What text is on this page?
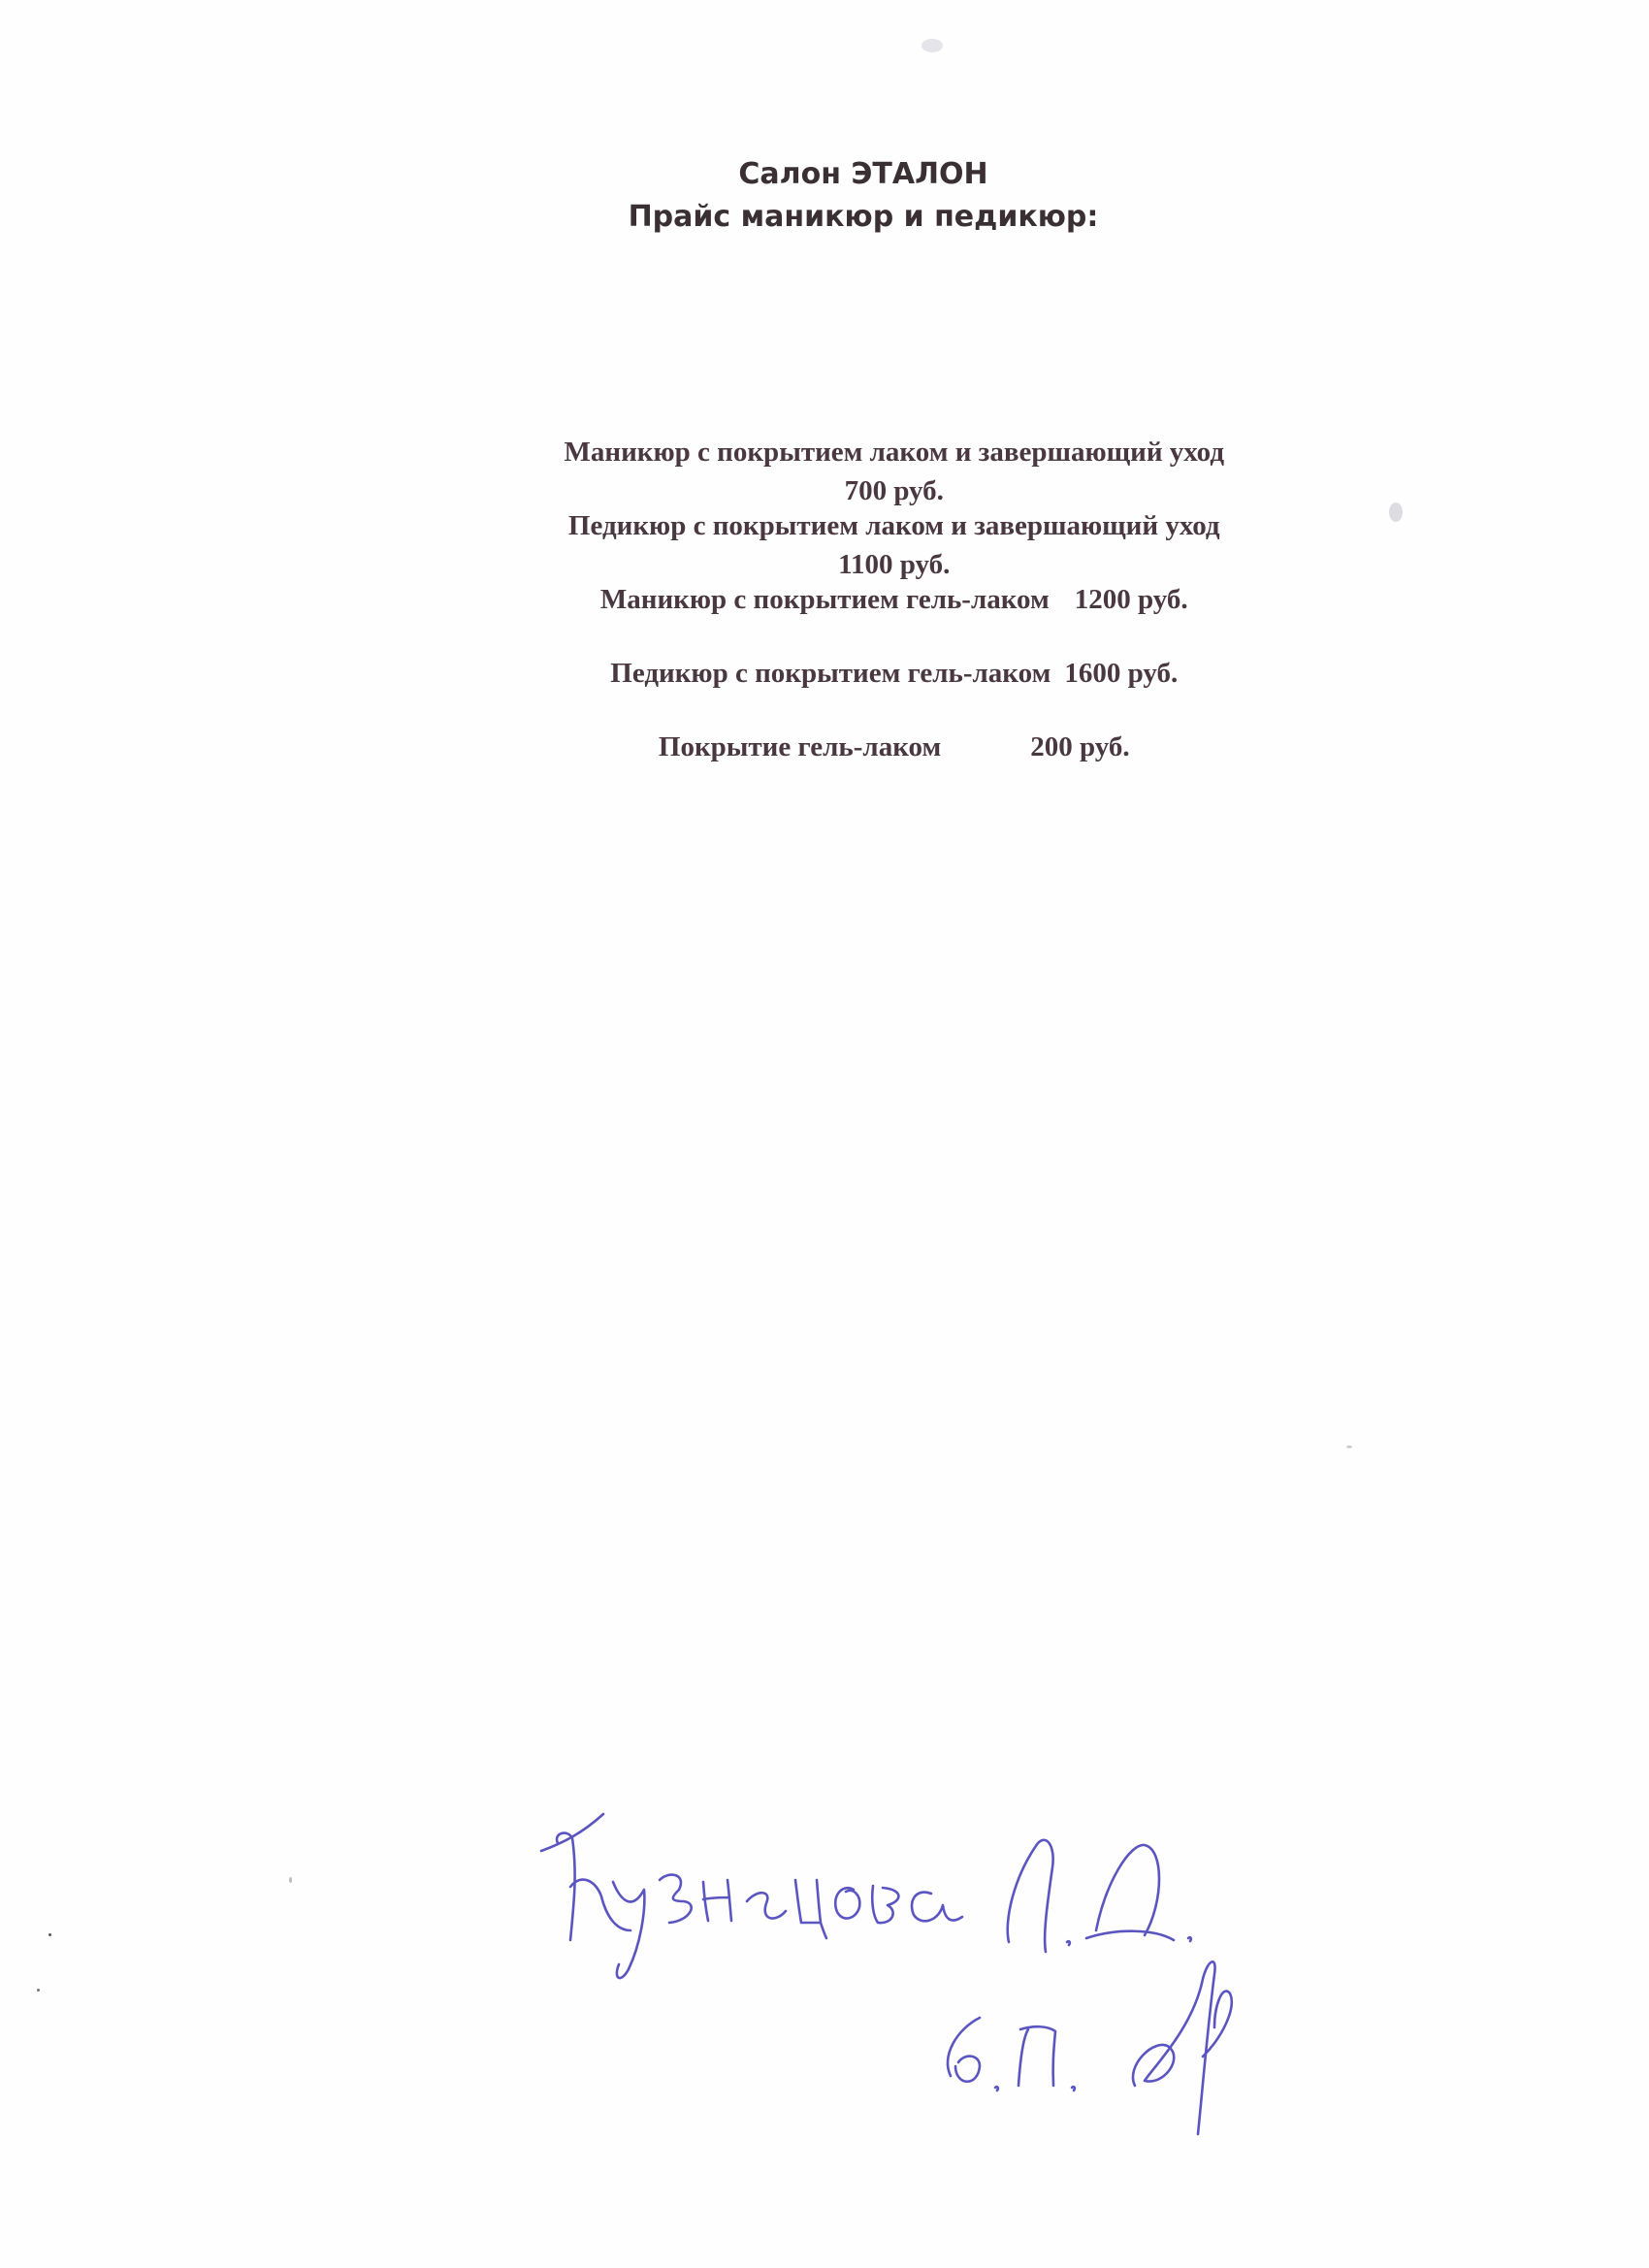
Салон ЭТАЛОН
Прайс маникюр и педикюр:

Маникюр с покрытием лаком и завершающий уход
700 руб.

Педикюр с покрытием лаком и завершающий уход
1100 руб.

Маникюр с покрытием гель-лаком 1200 руб.

Педикюр с покрытием гель-лаком 1600 руб.

Покрытие гель-лаком	200 руб.
